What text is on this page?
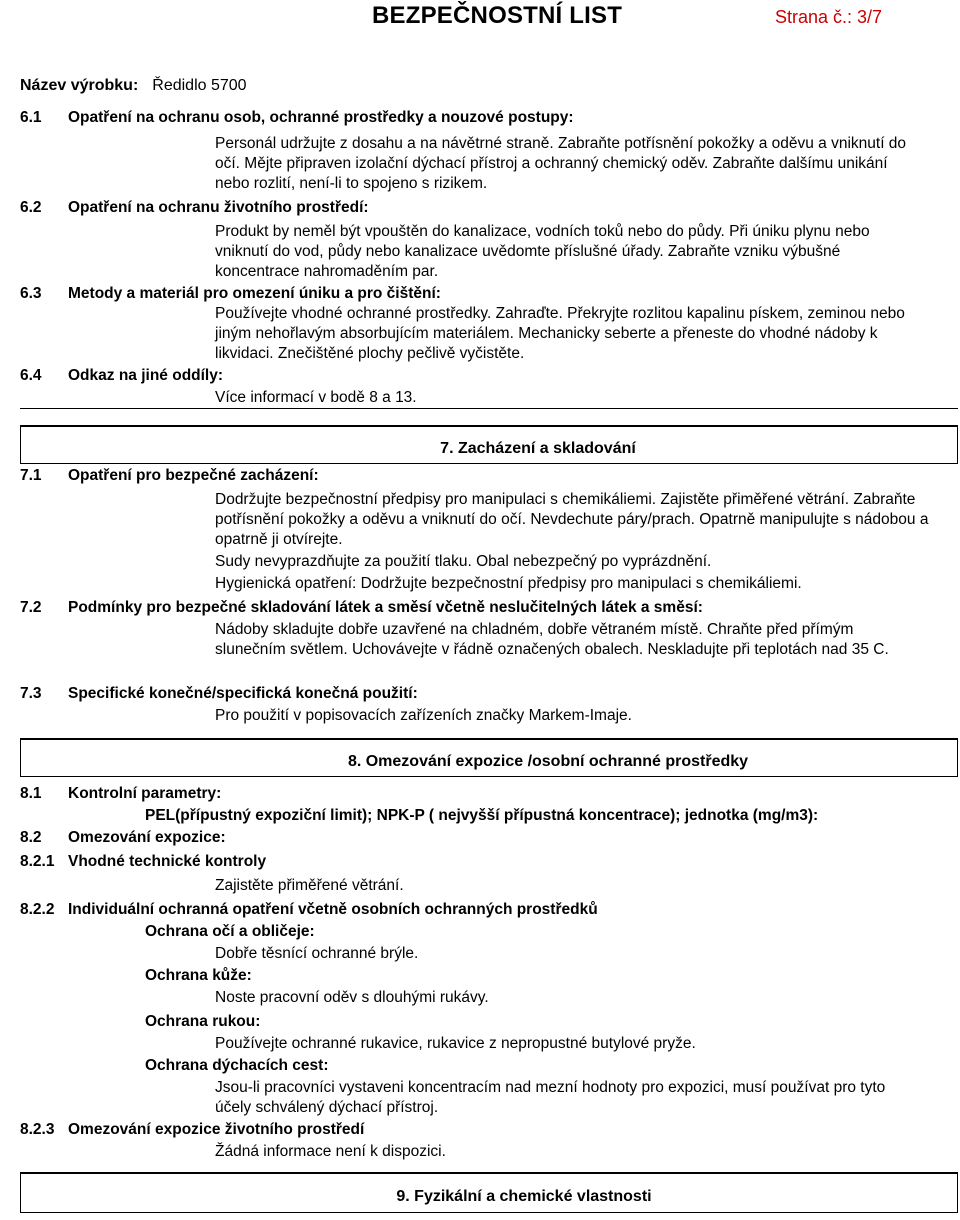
BEZPEČNOSTNÍ LIST	Strana č.: 3/7
Název výrobku: Ředidlo 5700
6.1 Opatření na ochranu osob, ochranné prostředky a nouzové postupy:
Personál udržujte z dosahu a na návětrné straně. Zabraňte potřísnění pokožky a oděvu a vniknutí do očí. Mějte připraven izolační dýchací přístroj a ochranný chemický oděv. Zabraňte dalšímu unikání nebo rozlití, není-li to spojeno s rizikem.
6.2 Opatření na ochranu životního prostředí:
Produkt by neměl být vpouštěn do kanalizace, vodních toků nebo do půdy. Při úniku plynu nebo vniknutí do vod, půdy nebo kanalizace uvědomte příslušné úřady. Zabraňte vzniku výbušné koncentrace nahromaděním par.
6.3 Metody a materiál pro omezení úniku a pro čištění:
Používejte vhodné ochranné prostředky. Zahraďte. Překryjte rozlitou kapalinu pískem, zeminou nebo jiným nehořlavým absorbujícím materiálem. Mechanicky seberte a přeneste do vhodné nádoby k likvidaci. Znečištěné plochy pečlivě vyčistěte.
6.4 Odkaz na jiné oddíly:
Více informací v bodě 8 a 13.
7. Zacházení a skladování
7.1 Opatření pro bezpečné zacházení:
Dodržujte bezpečnostní předpisy pro manipulaci s chemikáliemi. Zajistěte přiměřené větrání. Zabraňte potřísnění pokožky a oděvu a vniknutí do očí. Nevdechute páry/prach. Opatrně manipulujte s nádobou a opatrně ji otvírejte.
Sudy nevyprazdňujte za použití tlaku. Obal nebezpečný po vyprázdnění.
Hygienická opatření: Dodržujte bezpečnostní předpisy pro manipulaci s chemikáliemi.
7.2 Podmínky pro bezpečné skladování látek a směsí včetně neslučitelných látek a směsí:
Nádoby skladujte dobře uzavřené na chladném, dobře větraném místě. Chraňte před přímým slunečním světlem. Uchovávejte v řádně označených obalech. Neskladujte při teplotách nad 35 C.
7.3 Specifické konečné/specifická konečná použití:
Pro použití v popisovacích zařízeních značky Markem-Imaje.
8. Omezování expozice /osobní ochranné prostředky
8.1 Kontrolní parametry:
PEL(přípustný expoziční limit); NPK-P ( nejvyšší přípustná koncentrace); jednotka (mg/m3):
8.2 Omezování expozice:
8.2.1 Vhodné technické kontroly
Zajistěte přiměřené větrání.
8.2.2 Individuální ochranná opatření včetně osobních ochranných prostředků
Ochrana očí a obličeje:
Dobře těsnící ochranné brýle.
Ochrana kůže:
Noste pracovní oděv s dlouhými rukávy.
Ochrana rukou:
Používejte ochranné rukavice, rukavice z nepropustné butylové pryže.
Ochrana dýchacích cest:
Jsou-li pracovníci vystaveni koncentracím nad mezní hodnoty pro expozici, musí používat pro tyto účely schválený dýchací přístroj.
8.2.3 Omezování expozice životního prostředí
Žádná informace není k dispozici.
9. Fyzikální a chemické vlastnosti
